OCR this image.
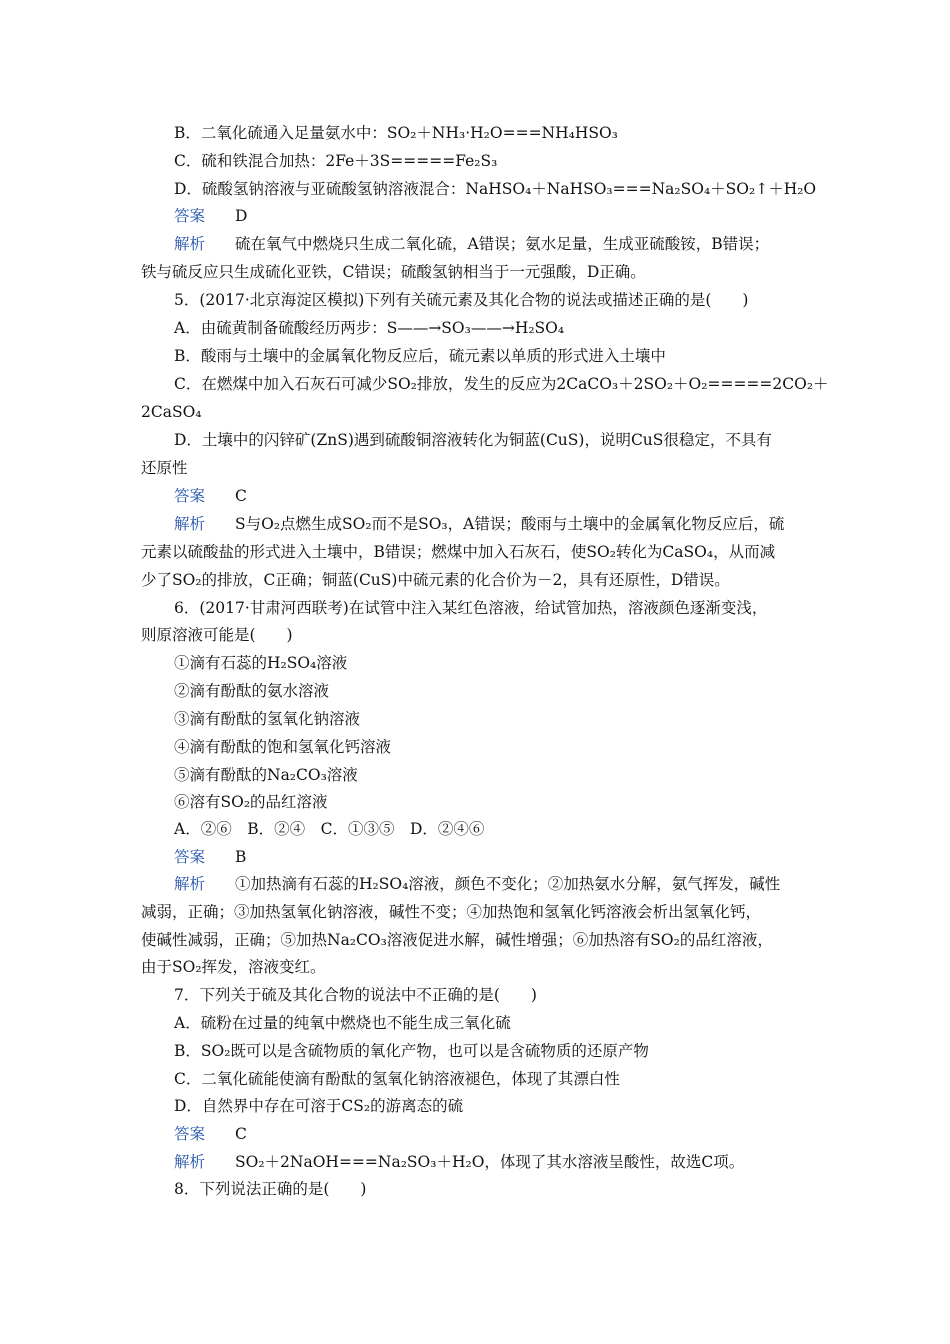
B．二氧化硫通入足量氨水中：SO₂＋NH₃·H₂O===NH₄HSO₃
C．硫和铁混合加热：2Fe＋3S=====Fe₂S₃
D．硫酸氢钠溶液与亚硫酸氢钠溶液混合：NaHSO₄＋NaHSO₃===Na₂SO₄＋SO₂↑＋H₂O
答案 D
解析 硫在氧气中燃烧只生成二氧化硫，A错误；氨水足量，生成亚硫酸铵，B错误；
铁与硫反应只生成硫化亚铁，C错误；硫酸氢钠相当于一元强酸，D正确。
5．(2017·北京海淀区模拟)下列有关硫元素及其化合物的说法或描述正确的是(　　)
A．由硫黄制备硫酸经历两步：S——→SO₃——→H₂SO₄
B．酸雨与土壤中的金属氧化物反应后，硫元素以单质的形式进入土壤中
C．在燃煤中加入石灰石可减少SO₂排放，发生的反应为2CaCO₃＋2SO₂＋O₂=====2CO₂＋
2CaSO₄
D．土壤中的闪锌矿(ZnS)遇到硫酸铜溶液转化为铜蓝(CuS)，说明CuS很稳定，不具有
还原性
答案 C
解析 S与O₂点燃生成SO₂而不是SO₃，A错误；酸雨与土壤中的金属氧化物反应后，硫
元素以硫酸盐的形式进入土壤中，B错误；燃煤中加入石灰石，使SO₂转化为CaSO₄，从而减
少了SO₂的排放，C正确；铜蓝(CuS)中硫元素的化合价为－2，具有还原性，D错误。
6．(2017·甘肃河西联考)在试管中注入某红色溶液，给试管加热，溶液颜色逐渐变浅，
则原溶液可能是(　　)
①滴有石蕊的H₂SO₄溶液
②滴有酚酞的氨水溶液
③滴有酚酞的氢氧化钠溶液
④滴有酚酞的饱和氢氧化钙溶液
⑤滴有酚酞的Na₂CO₃溶液
⑥溶有SO₂的品红溶液
A．②⑥　B．②④　C．①③⑤　D．②④⑥
答案 B
解析 ①加热滴有石蕊的H₂SO₄溶液，颜色不变化；②加热氨水分解，氨气挥发，碱性
减弱，正确；③加热氢氧化钠溶液，碱性不变；④加热饱和氢氧化钙溶液会析出氢氧化钙，
使碱性减弱，正确；⑤加热Na₂CO₃溶液促进水解，碱性增强；⑥加热溶有SO₂的品红溶液，
由于SO₂挥发，溶液变红。
7．下列关于硫及其化合物的说法中不正确的是(　　)
A．硫粉在过量的纯氧中燃烧也不能生成三氧化硫
B．SO₂既可以是含硫物质的氧化产物，也可以是含硫物质的还原产物
C．二氧化硫能使滴有酚酞的氢氧化钠溶液褪色，体现了其漂白性
D．自然界中存在可溶于CS₂的游离态的硫
答案 C
解析 SO₂＋2NaOH===Na₂SO₃＋H₂O，体现了其水溶液呈酸性，故选C项。
8．下列说法正确的是(　　)
